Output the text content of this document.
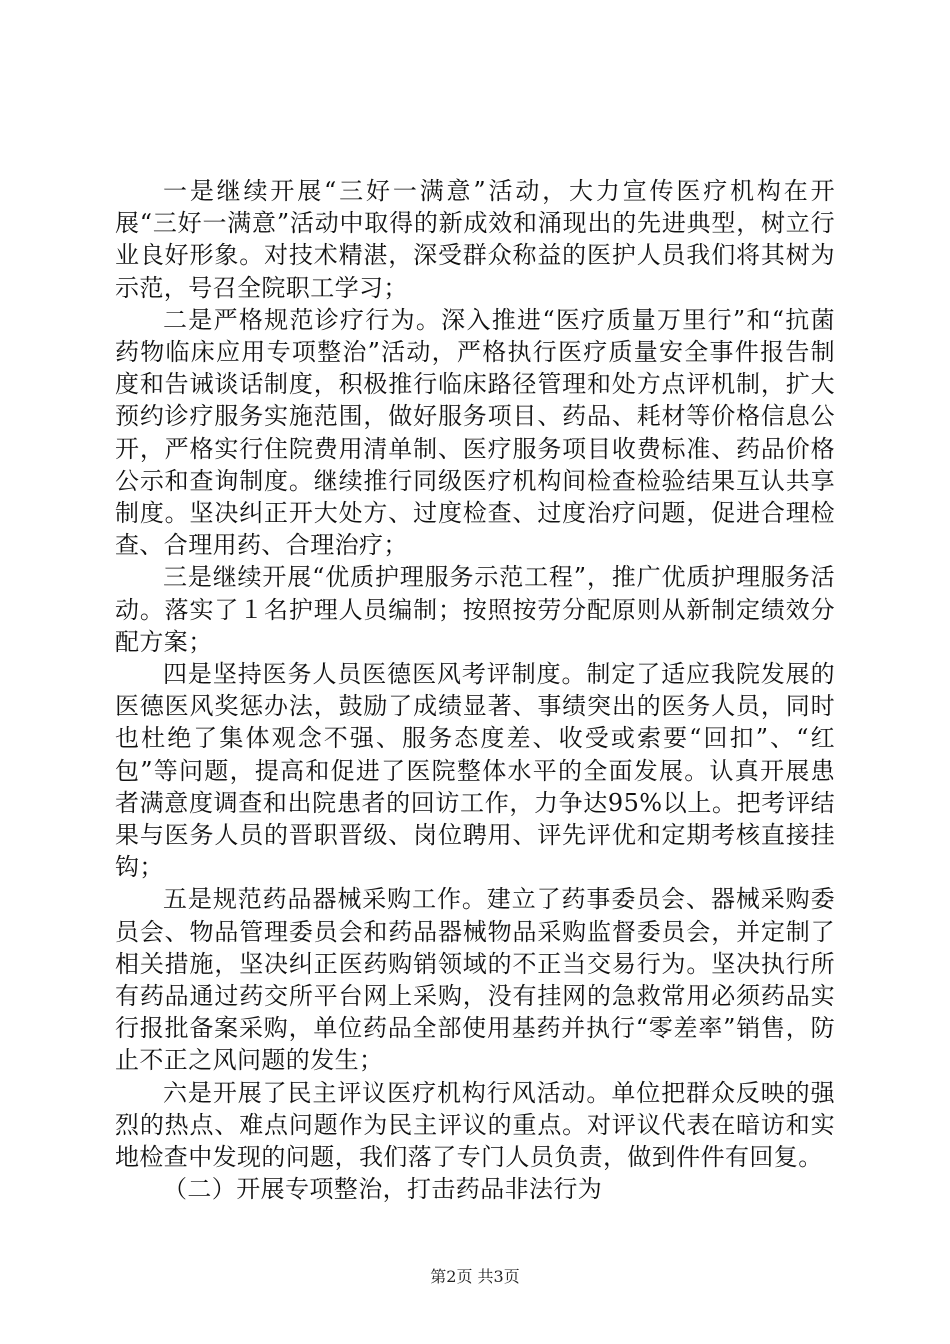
一是继续开展“三好一满意”活动，大力宣传医疗机构在开展“三好一满意”活动中取得的新成效和涌现出的先进典型，树立行业良好形象。对技术精湛，深受群众称益的医护人员我们将其树为示范，号召全院职工学习；

二是严格规范诊疗行为。深入推进“医疗质量万里行”和“抗菌药物临床应用专项整治”活动，严格执行医疗质量安全事件报告制度和告诫谈话制度，积极推行临床路径管理和处方点评机制，扩大预约诊疗服务实施范围，做好服务项目、药品、耗材等价格信息公开，严格实行住院费用清单制、医疗服务项目收费标准、药品价格公示和查询制度。继续推行同级医疗机构间检查检验结果互认共享制度。坚决纠正开大处方、过度检查、过度治疗问题，促进合理检查、合理用药、合理治疗；

三是继续开展“优质护理服务示范工程”，推广优质护理服务活动。落实了１名护理人员编制；按照按劳分配原则从新制定绩效分配方案；

四是坚持医务人员医德医风考评制度。制定了适应我院发展的医德医风奖惩办法，鼓励了成绩显著、事绩突出的医务人员，同时也杜绝了集体观念不强、服务态度差、收受或索要“回扣”、“红包”等问题，提高和促进了医院整体水平的全面发展。认真开展患者满意度调查和出院患者的回访工作，力争达95%以上。把考评结果与医务人员的晋职晋级、岗位聘用、评先评优和定期考核直接挂钩；

五是规范药品器械采购工作。建立了药事委员会、器械采购委员会、物品管理委员会和药品器械物品采购监督委员会，并定制了相关措施，坚决纠正医药购销领域的不正当交易行为。坚决执行所有药品通过药交所平台网上采购，没有挂网的急救常用必须药品实行报批备案采购，单位药品全部使用基药并执行“零差率”销售，防止不正之风问题的发生；

六是开展了民主评议医疗机构行风活动。单位把群众反映的强烈的热点、难点问题作为民主评议的重点。对评议代表在暗访和实地检查中发现的问题，我们落了专门人员负责，做到件件有回复。

（二）开展专项整治，打击药品非法行为

第2页 共3页
